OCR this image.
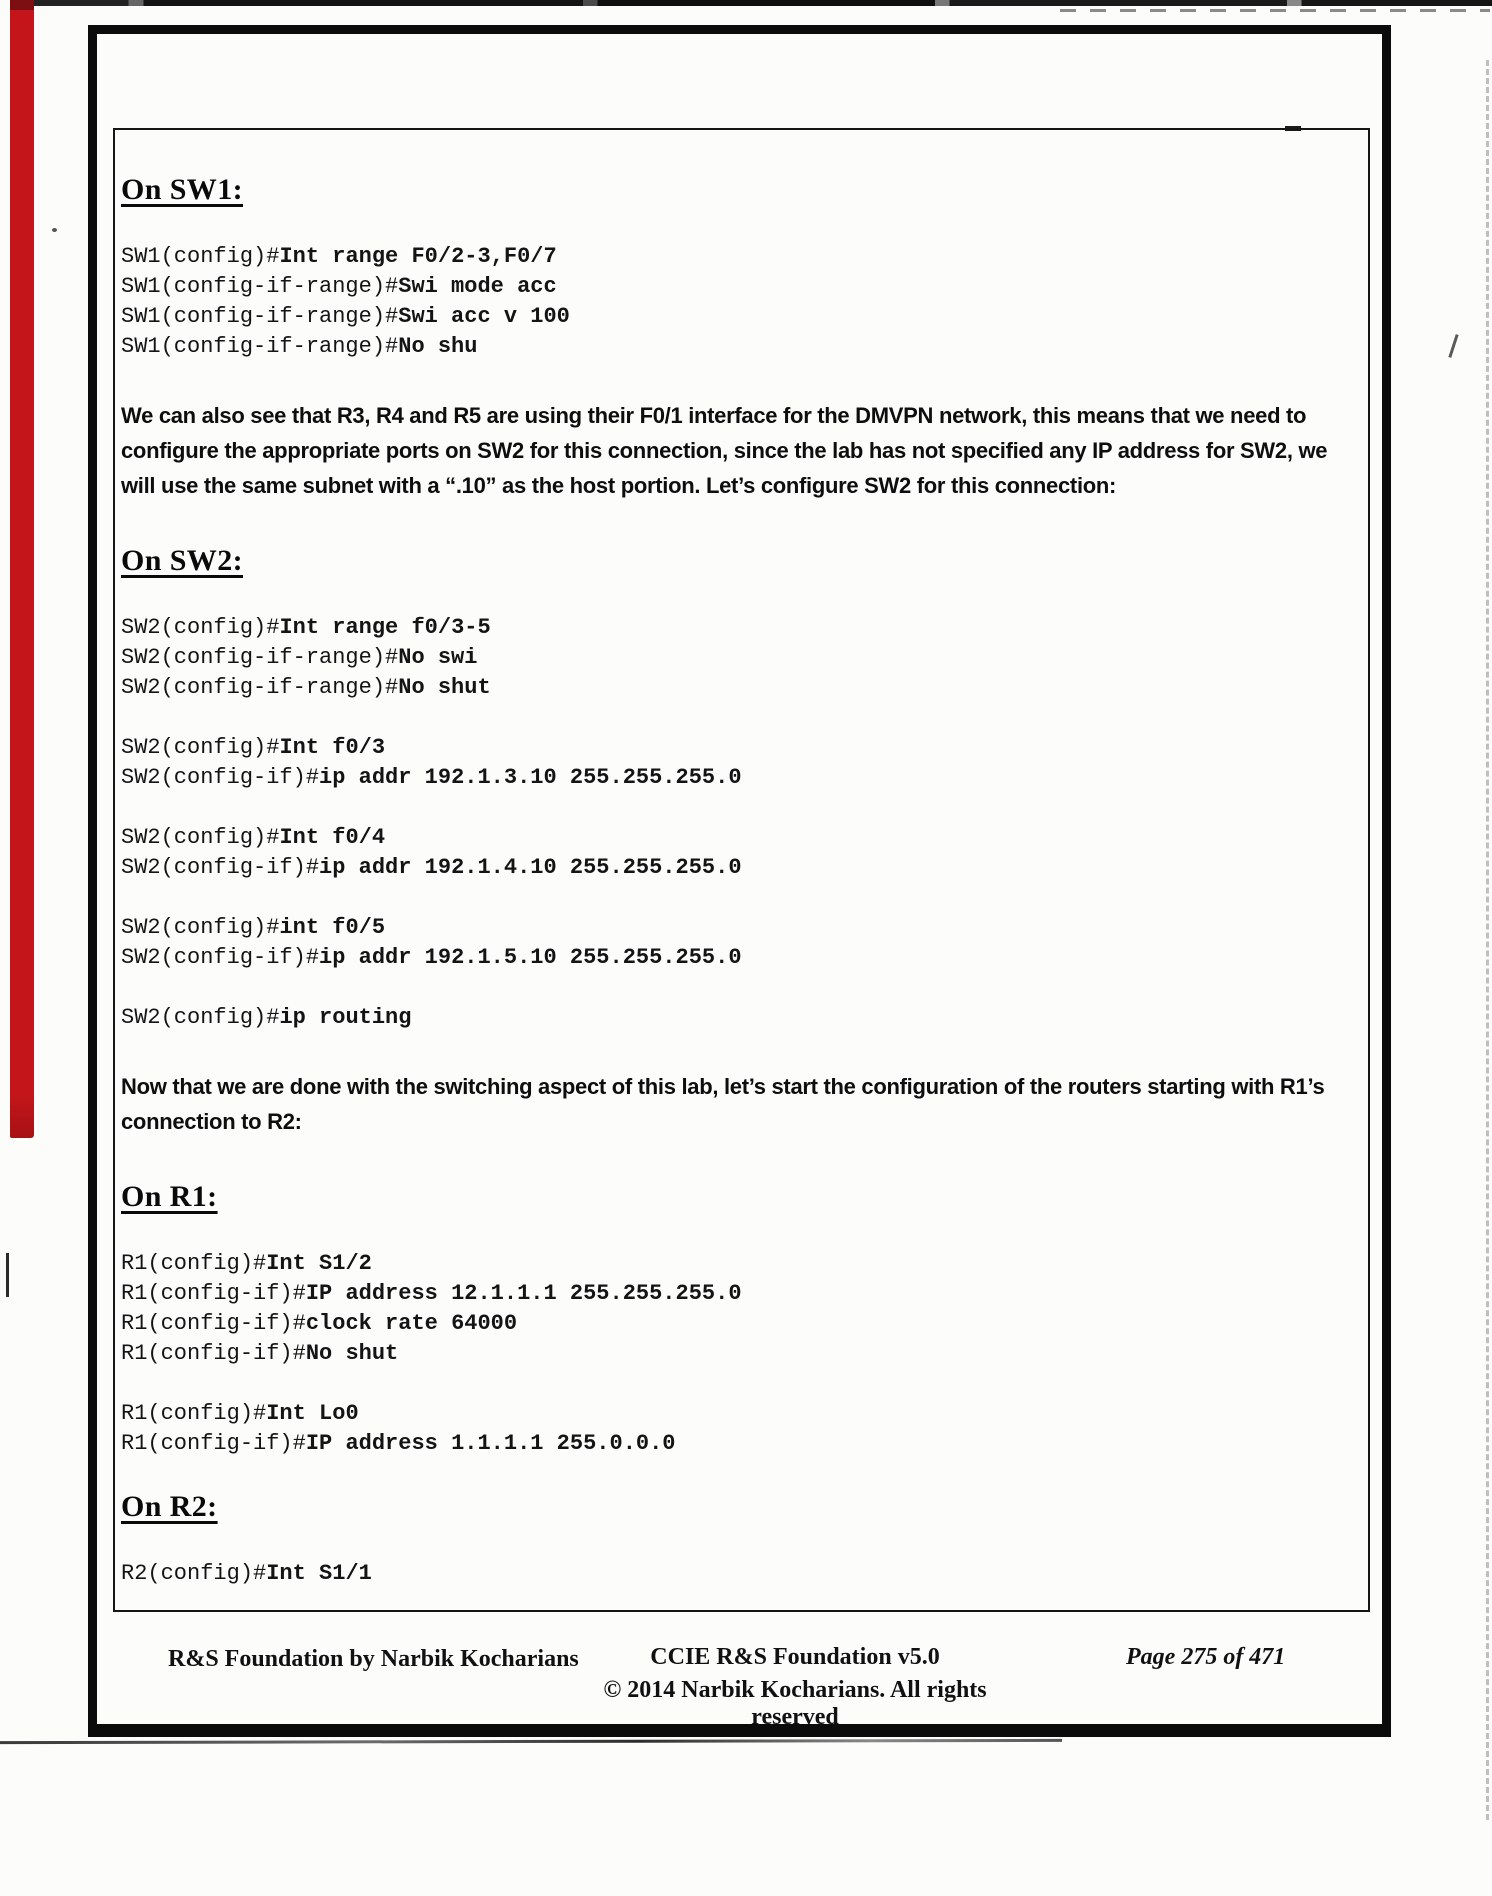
On SW1:
SW1(config)#Int range F0/2-3,F0/7
SW1(config-if-range)#Swi mode acc
SW1(config-if-range)#Swi acc v 100
SW1(config-if-range)#No shu

We can also see that R3, R4 and R5 are using their F0/1 interface for the DMVPN network, this means that we need to configure the appropriate ports on SW2 for this connection, since the lab has not specified any IP address for SW2, we will use the same subnet with a “.10” as the host portion. Let’s configure SW2 for this connection:

On SW2:
SW2(config)#Int range f0/3-5
SW2(config-if-range)#No swi
SW2(config-if-range)#No shut
SW2(config)#Int f0/3
SW2(config-if)#ip addr 192.1.3.10 255.255.255.0
SW2(config)#Int f0/4
SW2(config-if)#ip addr 192.1.4.10 255.255.255.0
SW2(config)#int f0/5
SW2(config-if)#ip addr 192.1.5.10 255.255.255.0
SW2(config)#ip routing

Now that we are done with the switching aspect of this lab, let’s start the configuration of the routers starting with R1’s connection to R2:

On R1:
R1(config)#Int S1/2
R1(config-if)#IP address 12.1.1.1 255.255.255.0
R1(config-if)#clock rate 64000
R1(config-if)#No shut
R1(config)#Int Lo0
R1(config-if)#IP address 1.1.1.1 255.0.0.0
On R2:
R2(config)#Int S1/1
R&S Foundation by Narbik Kocharians	CCIE R&S Foundation v5.0
© 2014 Narbik Kocharians. All rights reserved
Page 275 of 471
